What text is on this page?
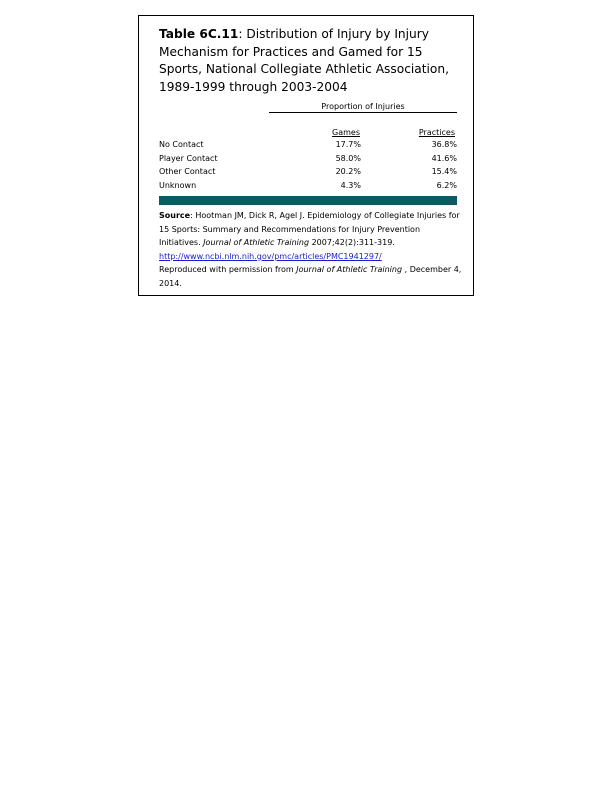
Table 6C.11: Distribution of Injury by Injury Mechanism for Practices and Gamed for 15 Sports, National Collegiate Athletic Association, 1989-1999 through 2003-2004
Proportion of Injuries
Games	Practices
No Contact	17.7%	36.8%
Player Contact	58.0%	41.6%
Other Contact	20.2%	15.4%
Unknown	4.3%	6.2%
Source: Hootman JM, Dick R, Agel J. Epidemiology of Collegiate Injuries for 15 Sports: Summary and Recommendations for Injury Prevention Initiatives. Journal of Athletic Training 2007;42(2):311-319.
http://www.ncbi.nlm.nih.gov/pmc/articles/PMC1941297/
Reproduced with permission from Journal of Athletic Training , December 4, 2014.
